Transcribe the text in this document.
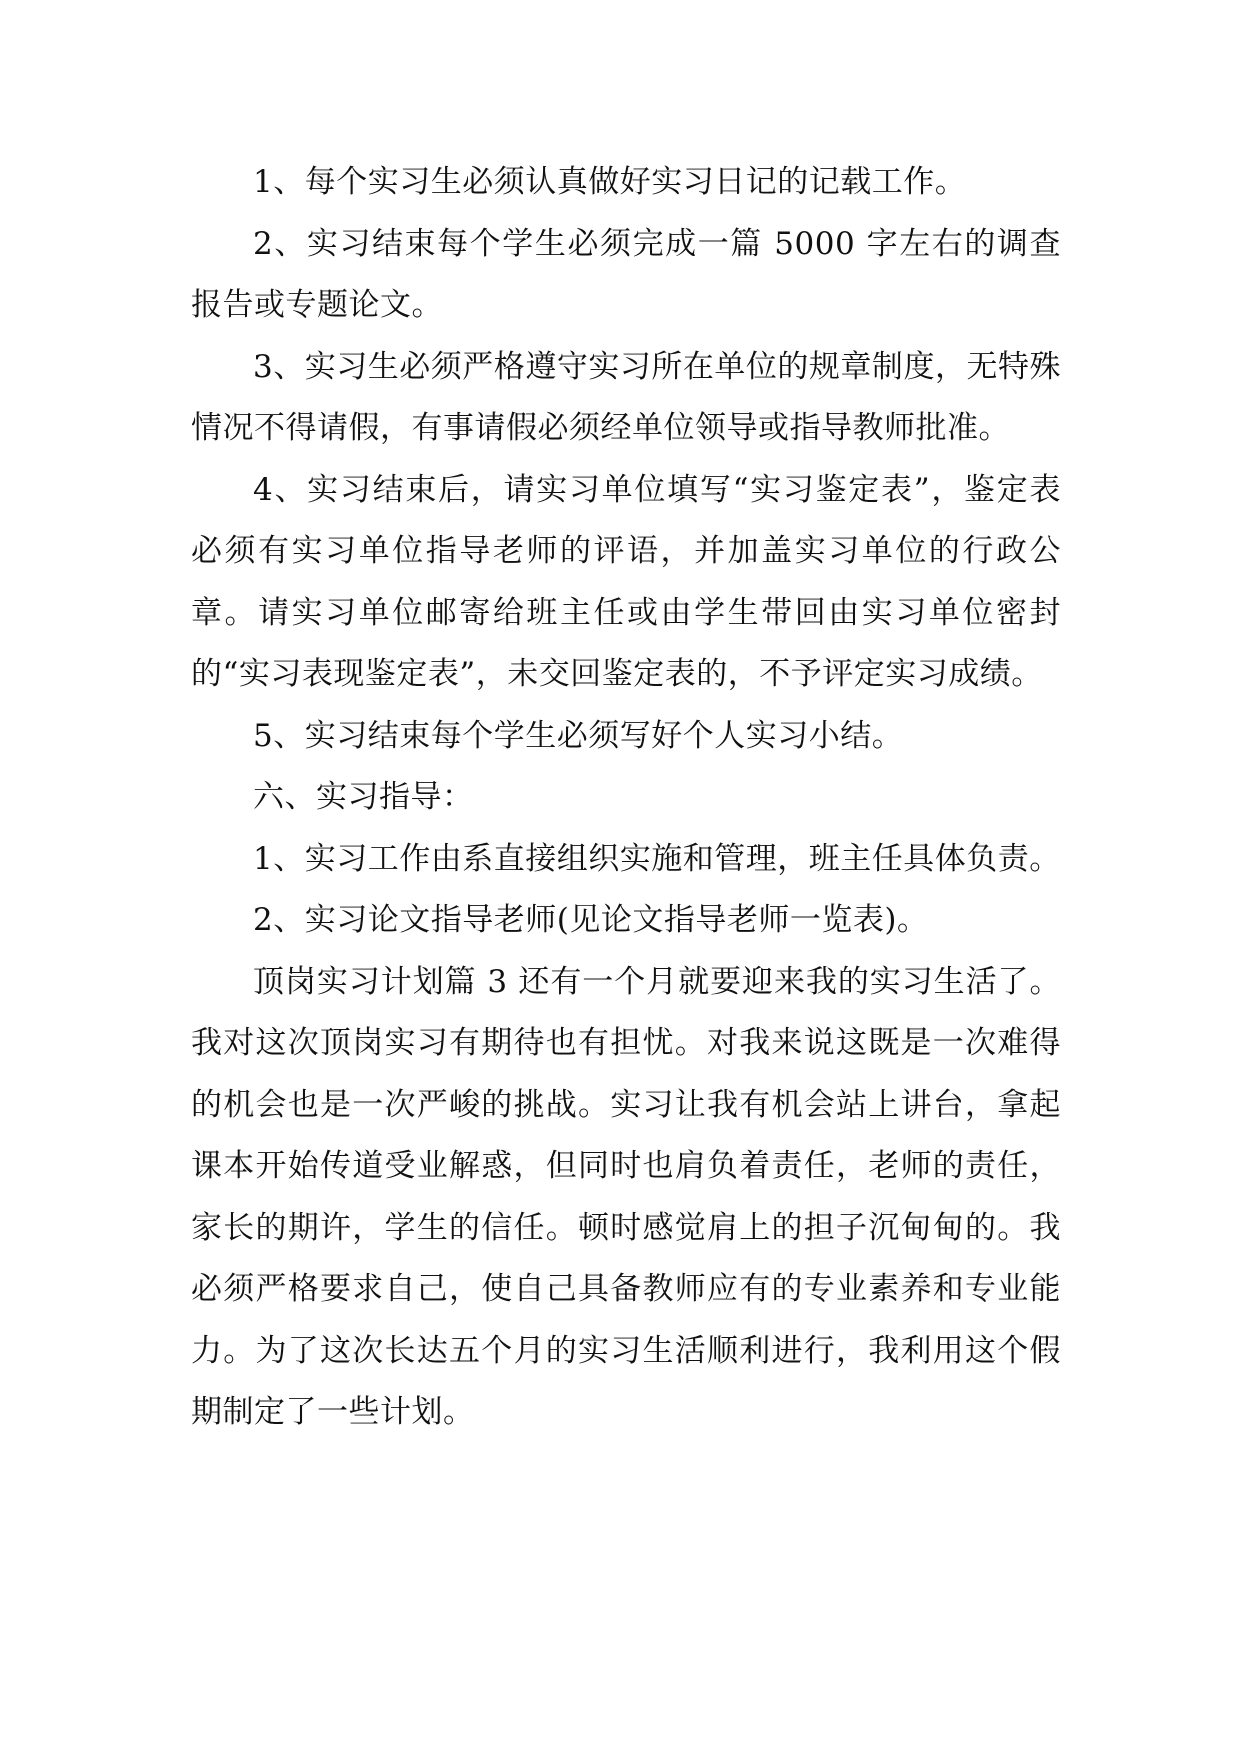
1、每个实习生必须认真做好实习日记的记载工作。

2、实习结束每个学生必须完成一篇 5000 字左右的调查报告或专题论文。

3、实习生必须严格遵守实习所在单位的规章制度，无特殊情况不得请假，有事请假必须经单位领导或指导教师批准。

4、实习结束后，请实习单位填写“实习鉴定表”，鉴定表必须有实习单位指导老师的评语，并加盖实习单位的行政公章。请实习单位邮寄给班主任或由学生带回由实习单位密封的“实习表现鉴定表”，未交回鉴定表的，不予评定实习成绩。

5、实习结束每个学生必须写好个人实习小结。

六、实习指导：

1、实习工作由系直接组织实施和管理，班主任具体负责。

2、实习论文指导老师(见论文指导老师一览表)。

顶岗实习计划篇 3 还有一个月就要迎来我的实习生活了。我对这次顶岗实习有期待也有担忧。对我来说这既是一次难得的机会也是一次严峻的挑战。实习让我有机会站上讲台，拿起课本开始传道受业解惑，但同时也肩负着责任，老师的责任，家长的期许，学生的信任。顿时感觉肩上的担子沉甸甸的。我必须严格要求自己，使自己具备教师应有的专业素养和专业能力。为了这次长达五个月的实习生活顺利进行，我利用这个假期制定了一些计划。
